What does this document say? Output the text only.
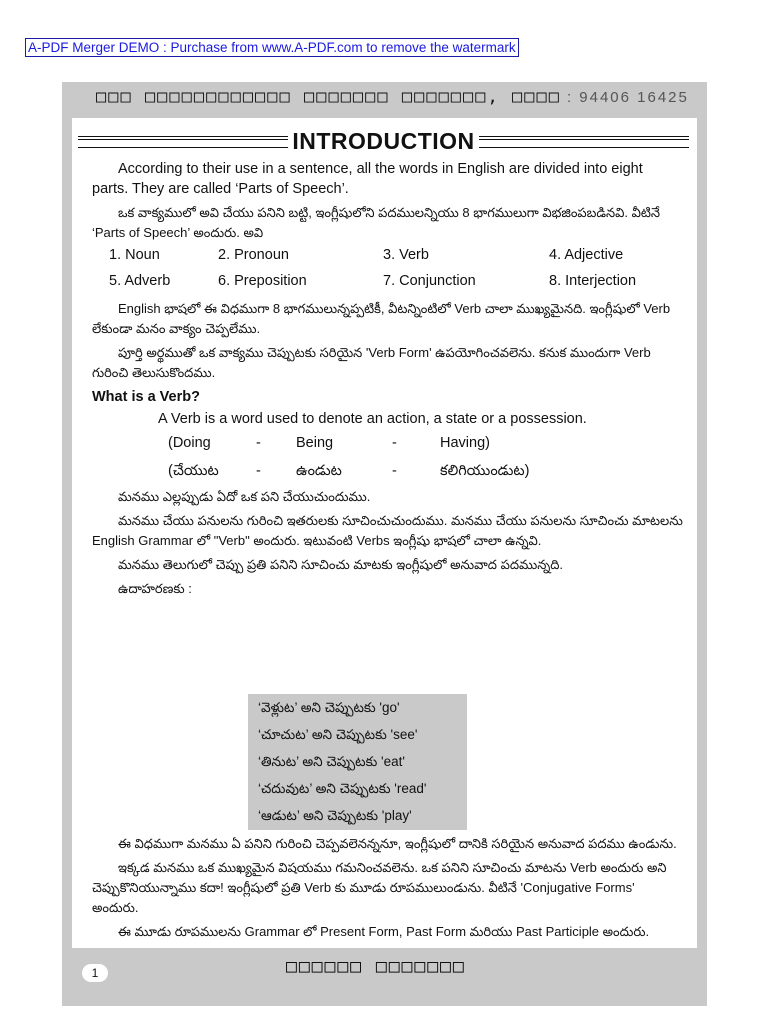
A-PDF Merger DEMO : Purchase from www.A-PDF.com to remove the watermark
□□□ □□□□□□□□□□□□ □□□□□□□ □□□□□□□, □□□□ : 94406 16425
INTRODUCTION

According to their use in a sentence, all the words in English are divided into eight parts. They are called ‘Parts of Speech’.

ఒక వాక్యములో అవి చేయు పనిని బట్టి, ఇంగ్లీషులోని పదములన్నియు 8 భాగములుగా విభజింపబడినవి. వీటినే ‘Parts of Speech’ అందురు. అవి

1. Noun	2. Pronoun	3. Verb	4. Adjective
5. Adverb	6. Preposition	7. Conjunction	8. Interjection

English భాషలో ఈ విధముగా 8 భాగములున్నప్పటికీ, వీటన్నింటిలో Verb చాలా ముఖ్యమైనది. ఇంగ్లీషులో Verb లేకుండా మనం వాక్యం చెప్పలేము.

పూర్తి అర్థముతో ఒక వాక్యము చెప్పుటకు సరియైన 'Verb Form' ఉపయోగించవలెను. కనుక ముందుగా Verb గురించి తెలుసుకొందము.

What is a Verb?
A Verb is a word used to denote an action, a state or a possession.
(Doing	-	Being	-	Having)
(చేయుట	-	ఉండుట	-	కలిగియుండుట)

మనము ఎల్లప్పుడు ఏదో ఒక పని చేయుచుందుము.

మనము చేయు పనులను గురించి ఇతరులకు సూచించుచుందుము. మనము చేయు పనులను సూచించు మాటలను English Grammar లో "Verb" అందురు. ఇటువంటి Verbs ఇంగ్లీషు భాషలో చాలా ఉన్నవి.

మనము తెలుగులో చెప్పు ప్రతి పనిని సూచించు మాటకు ఇంగ్లీషులో అనువాద పదమున్నది.

ఉదాహరణకు :

‘వెళ్లుట’ అని చెప్పుటకు 'go'
‘చూచుట’ అని చెప్పుటకు 'see'
‘తినుట’ అని చెప్పుటకు 'eat'
‘చదువుట’ అని చెప్పుటకు 'read'
‘ఆడుట’ అని చెప్పుటకు 'play'

ఈ విధముగా మనము ఏ పనిని గురించి చెప్పవలెనన్ననూ, ఇంగ్లీషులో దానికి సరియైన అనువాద పదము ఉండును.

ఇక్కడ మనము ఒక ముఖ్యమైన విషయము గమనించవలెను. ఒక పనిని సూచించు మాటను Verb అందురు అని చెప్పుకొనియున్నాము కదా! ఇంగ్లీషులో ప్రతి Verb కు మూడు రూపములుండును. వీటినే 'Conjugative Forms' అందురు.

ఈ మూడు రూపములను Grammar లో Present Form, Past Form మరియు Past Participle అందురు.

1	□□□□□□ □□□□□□□
